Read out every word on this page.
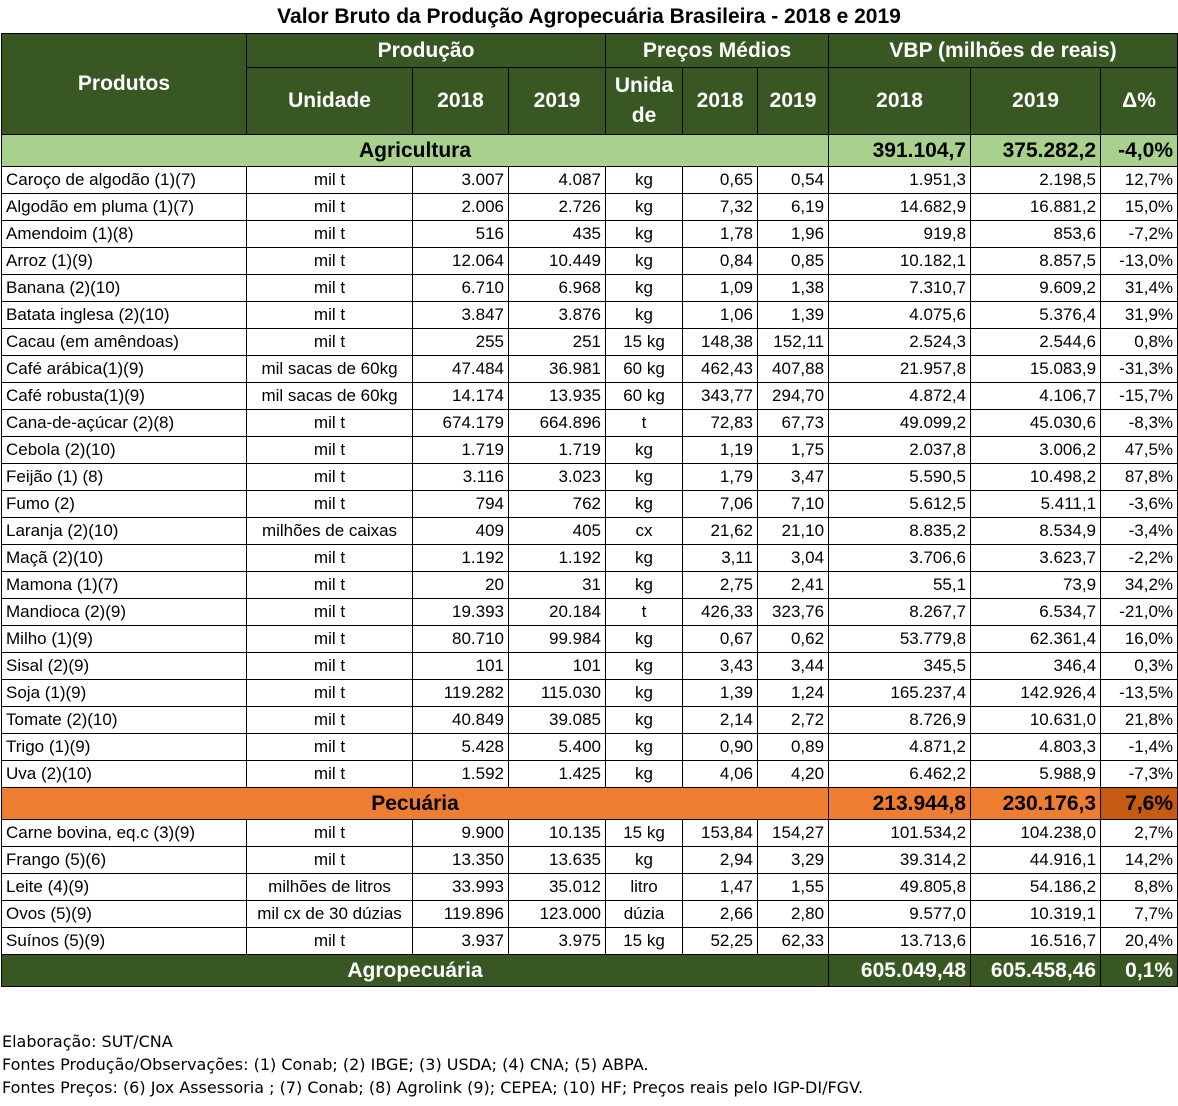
Valor Bruto da Produção Agropecuária Brasileira - 2018 e 2019
Produtos	Produção			Preços Médios			VBP (milhões de reais)		
	Unidade	2018	2019	Unida de	2018	2019	2018	2019	Δ%
Agricultura							391.104,7	375.282,2	-4,0%
Caroço de algodão (1)(7)	mil t	3.007	4.087	kg	0,65	0,54	1.951,3	2.198,5	12,7%
Algodão em pluma (1)(7)	mil t	2.006	2.726	kg	7,32	6,19	14.682,9	16.881,2	15,0%
Amendoim (1)(8)	mil t	516	435	kg	1,78	1,96	919,8	853,6	-7,2%
Arroz (1)(9)	mil t	12.064	10.449	kg	0,84	0,85	10.182,1	8.857,5	-13,0%
Banana (2)(10)	mil t	6.710	6.968	kg	1,09	1,38	7.310,7	9.609,2	31,4%
Batata inglesa (2)(10)	mil t	3.847	3.876	kg	1,06	1,39	4.075,6	5.376,4	31,9%
Cacau (em amêndoas)	mil t	255	251	15 kg	148,38	152,11	2.524,3	2.544,6	0,8%
Café arábica(1)(9)	mil sacas de 60kg	47.484	36.981	60 kg	462,43	407,88	21.957,8	15.083,9	-31,3%
Café robusta(1)(9)	mil sacas de 60kg	14.174	13.935	60 kg	343,77	294,70	4.872,4	4.106,7	-15,7%
Cana-de-açúcar (2)(8)	mil t	674.179	664.896	t	72,83	67,73	49.099,2	45.030,6	-8,3%
Cebola (2)(10)	mil t	1.719	1.719	kg	1,19	1,75	2.037,8	3.006,2	47,5%
Feijão (1) (8)	mil t	3.116	3.023	kg	1,79	3,47	5.590,5	10.498,2	87,8%
Fumo (2)	mil t	794	762	kg	7,06	7,10	5.612,5	5.411,1	-3,6%
Laranja (2)(10)	milhões de caixas	409	405	cx	21,62	21,10	8.835,2	8.534,9	-3,4%
Maçã (2)(10)	mil t	1.192	1.192	kg	3,11	3,04	3.706,6	3.623,7	-2,2%
Mamona (1)(7)	mil t	20	31	kg	2,75	2,41	55,1	73,9	34,2%
Mandioca (2)(9)	mil t	19.393	20.184	t	426,33	323,76	8.267,7	6.534,7	-21,0%
Milho (1)(9)	mil t	80.710	99.984	kg	0,67	0,62	53.779,8	62.361,4	16,0%
Sisal (2)(9)	mil t	101	101	kg	3,43	3,44	345,5	346,4	0,3%
Soja (1)(9)	mil t	119.282	115.030	kg	1,39	1,24	165.237,4	142.926,4	-13,5%
Tomate (2)(10)	mil t	40.849	39.085	kg	2,14	2,72	8.726,9	10.631,0	21,8%
Trigo (1)(9)	mil t	5.428	5.400	kg	0,90	0,89	4.871,2	4.803,3	-1,4%
Uva (2)(10)	mil t	1.592	1.425	kg	4,06	4,20	6.462,2	5.988,9	-7,3%
Pecuária							213.944,8	230.176,3	7,6%
Carne bovina, eq.c (3)(9)	mil t	9.900	10.135	15 kg	153,84	154,27	101.534,2	104.238,0	2,7%
Frango (5)(6)	mil t	13.350	13.635	kg	2,94	3,29	39.314,2	44.916,1	14,2%
Leite (4)(9)	milhões de litros	33.993	35.012	litro	1,47	1,55	49.805,8	54.186,2	8,8%
Ovos (5)(9)	mil cx de 30 dúzias	119.896	123.000	dúzia	2,66	2,80	9.577,0	10.319,1	7,7%
Suínos (5)(9)	mil t	3.937	3.975	15 kg	52,25	62,33	13.713,6	16.516,7	20,4%
Agropecuária							605.049,48	605.458,46	0,1%
Elaboração: SUT/CNA
Fontes Produção/Observações: (1) Conab; (2) IBGE; (3) USDA; (4) CNA; (5) ABPA.
Fontes Preços: (6) Jox Assessoria ; (7) Conab; (8) Agrolink (9); CEPEA; (10) HF; Preços reais pelo IGP-DI/FGV.
